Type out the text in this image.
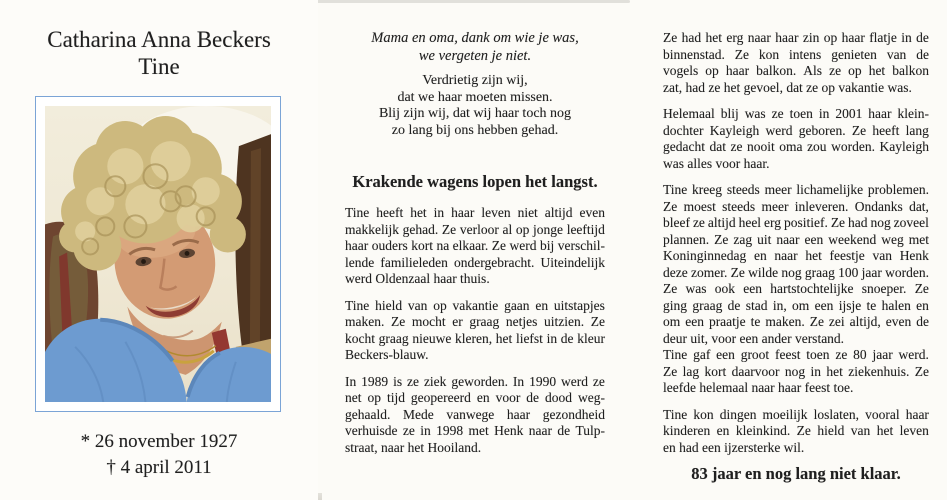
Catharina Anna Beckers
Tine
* 26 november 1927
† 4 april 2011
Mama en oma, dank om wie je was,
we vergeten je niet.
Verdrietig zijn wij,
dat we haar moeten missen.
Blij zijn wij, dat wij haar toch nog
zo lang bij ons hebben gehad.
Krakende wagens lopen het langst.
Tine heeft het in haar leven niet altijd even
makkelijk gehad. Ze verloor al op jonge leeftijd
haar ouders kort na elkaar. Ze werd bij verschil-
lende familieleden ondergebracht. Uiteindelijk
werd Oldenzaal haar thuis.
Tine hield van op vakantie gaan en uitstapjes
maken. Ze mocht er graag netjes uitzien. Ze
kocht graag nieuwe kleren, het liefst in de kleur
Beckers-blauw.
In 1989 is ze ziek geworden. In 1990 werd ze
net op tijd geopereerd en voor de dood weg-
gehaald. Mede vanwege haar gezondheid
verhuisde ze in 1998 met Henk naar de Tulp-
straat, naar het Hooiland.
Ze had het erg naar haar zin op haar flatje in de
binnenstad. Ze kon intens genieten van de
vogels op haar balkon. Als ze op het balkon
zat, had ze het gevoel, dat ze op vakantie was.
Helemaal blij was ze toen in 2001 haar klein-
dochter Kayleigh werd geboren. Ze heeft lang
gedacht dat ze nooit oma zou worden. Kayleigh
was alles voor haar.
Tine kreeg steeds meer lichamelijke problemen.
Ze moest steeds meer inleveren. Ondanks dat,
bleef ze altijd heel erg positief. Ze had nog zoveel
plannen. Ze zag uit naar een weekend weg met
Koninginnedag en naar het feestje van Henk
deze zomer. Ze wilde nog graag 100 jaar worden.
Ze was ook een hartstochtelijke snoeper. Ze
ging graag de stad in, om een ijsje te halen en
om een praatje te maken. Ze zei altijd, even de
deur uit, voor een ander verstand.
Tine gaf een groot feest toen ze 80 jaar werd.
Ze lag kort daarvoor nog in het ziekenhuis. Ze
leefde helemaal naar haar feest toe.
Tine kon dingen moeilijk loslaten, vooral haar
kinderen en kleinkind. Ze hield van het leven
en had een ijzersterke wil.
83 jaar en nog lang niet klaar.
